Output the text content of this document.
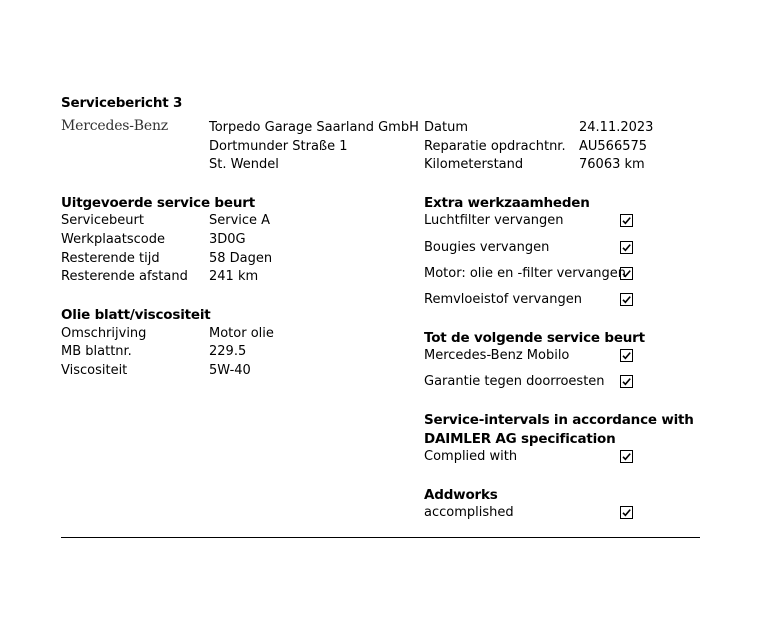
Servicebericht 3
Mercedes-Benz	Torpedo Garage Saarland GmbH
Dortmunder Straße 1
St. Wendel
Datum	24.11.2023
Reparatie opdrachtnr. AU566575
Kilometerstand	76063 km
Uitgevoerde service beurt
Servicebeurt	Service A
Werkplaatscode	3D0G
Resterende tijd	58 Dagen
Resterende afstand 241 km
Olie blatt/viscositeit
Omschrijving	Motor olie
MB blattnr.	229.5
Viscositeit	5W-40
Extra werkzaamheden
Luchtfilter vervangen
Bougies vervangen
Motor: olie en -filter vervangen
Remvloeistof vervangen
Tot de volgende service beurt
Mercedes-Benz Mobilo
Garantie tegen doorroesten
Service-intervals in accordance with
DAIMLER AG specification
Complied with
Addworks
accomplished
